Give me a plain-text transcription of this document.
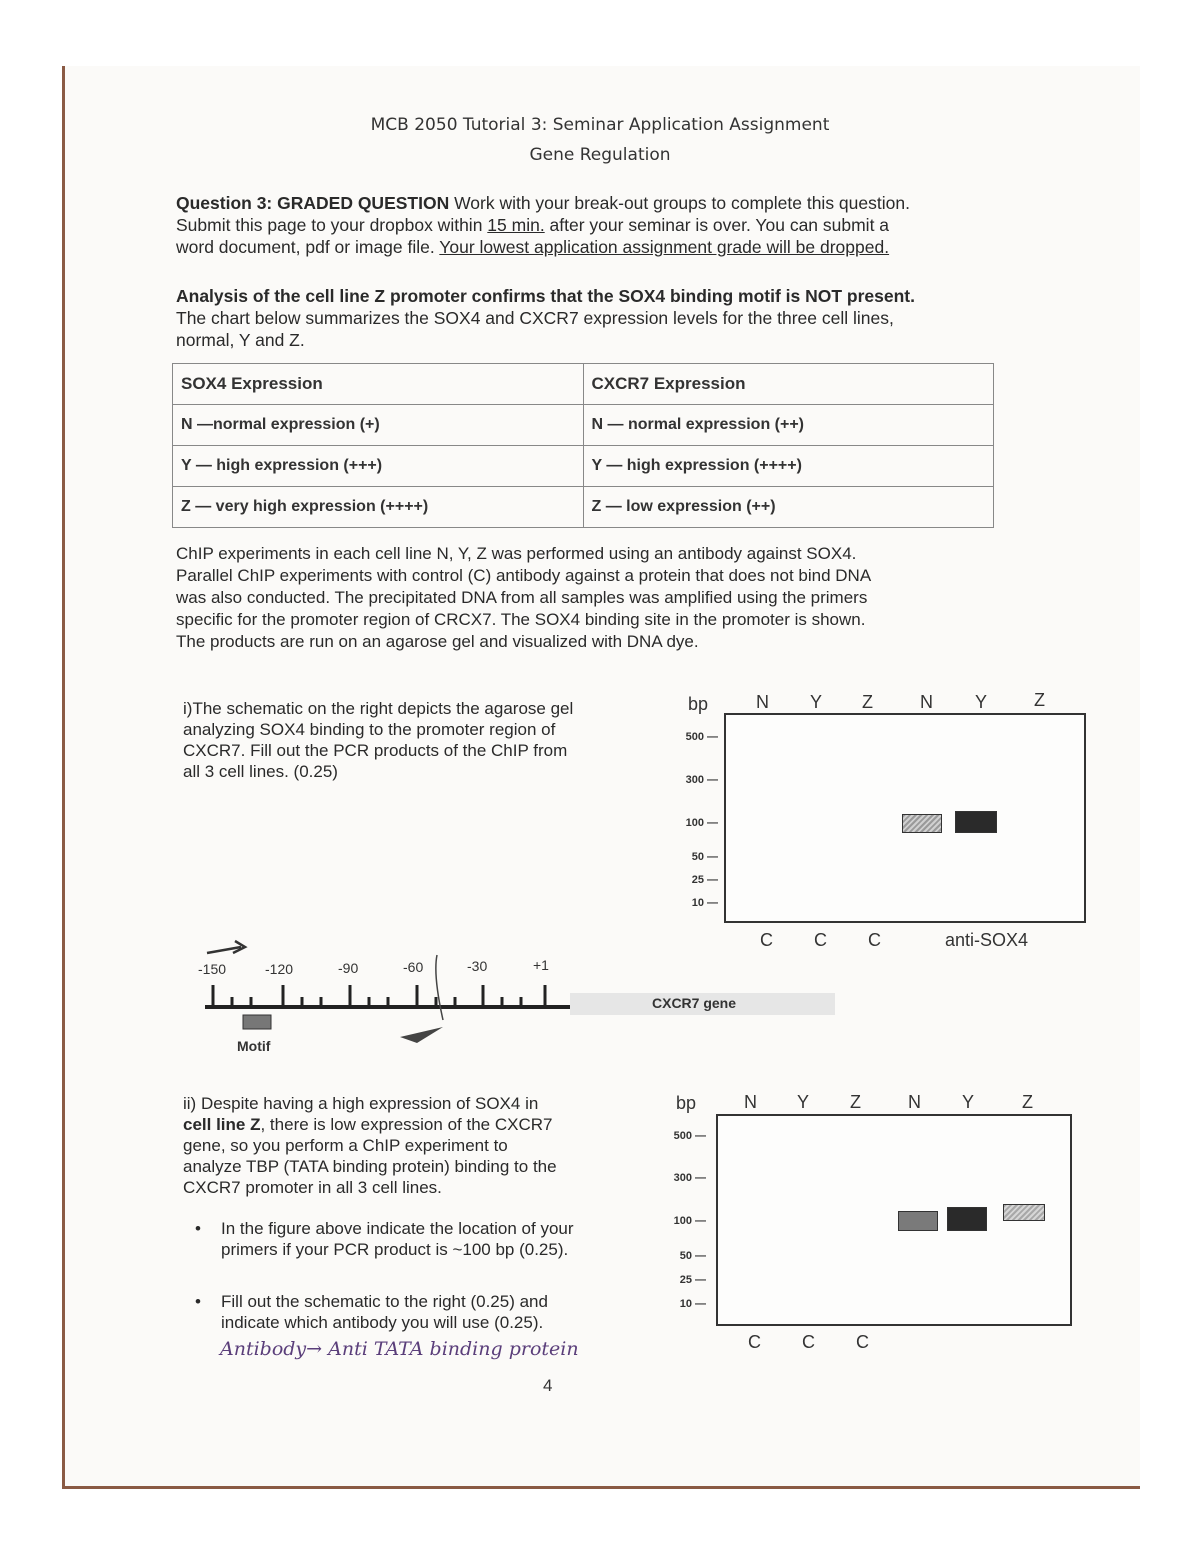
MCB 2050 Tutorial 3: Seminar Application Assignment
Gene Regulation
Question 3: GRADED QUESTION Work with your break-out groups to complete this question.
Submit this page to your dropbox within 15 min. after your seminar is over. You can submit a
word document, pdf or image file. Your lowest application assignment grade will be dropped.
Analysis of the cell line Z promoter confirms that the SOX4 binding motif is NOT present.
The chart below summarizes the SOX4 and CXCR7 expression levels for the three cell lines,
normal, Y and Z.
SOX4 Expression	CXCR7 Expression
N —normal expression (+)	N — normal expression (++)
Y — high expression (+++)	Y — high expression (++++)
Z — very high expression (++++)	Z — low expression (++)
ChIP experiments in each cell line N, Y, Z was performed using an antibody against SOX4.
Parallel ChIP experiments with control (C) antibody against a protein that does not bind DNA
was also conducted. The precipitated DNA from all samples was amplified using the primers
specific for the promoter region of CRCX7. The SOX4 binding site in the promoter is shown.
The products are run on an agarose gel and visualized with DNA dye.
i)The schematic on the right depicts the agarose gel
analyzing SOX4 binding to the promoter region of
CXCR7. Fill out the PCR products of the ChIP from
all 3 cell lines. (0.25)
bp	N Y Z	N Y	Z
500 —
300 —
100 —
50 —
25 —
10 —
C C C	anti-SOX4
-150	-120	-90	-60	-30	+1
CXCR7 gene
Motif
ii) Despite having a high expression of SOX4 in
cell line Z, there is low expression of the CXCR7
gene, so you perform a ChIP experiment to
analyze TBP (TATA binding protein) binding to the
CXCR7 promoter in all 3 cell lines.
• In the figure above indicate the location of your
primers if your PCR product is ~100 bp (0.25).
• Fill out the schematic to the right (0.25) and
indicate which antibody you will use (0.25).
Antibody→ Anti TATA binding protein
bp	N Y Z	N Y	Z
500 —
300 —
100 —
50 —
25 —
10 —
C C C
4
